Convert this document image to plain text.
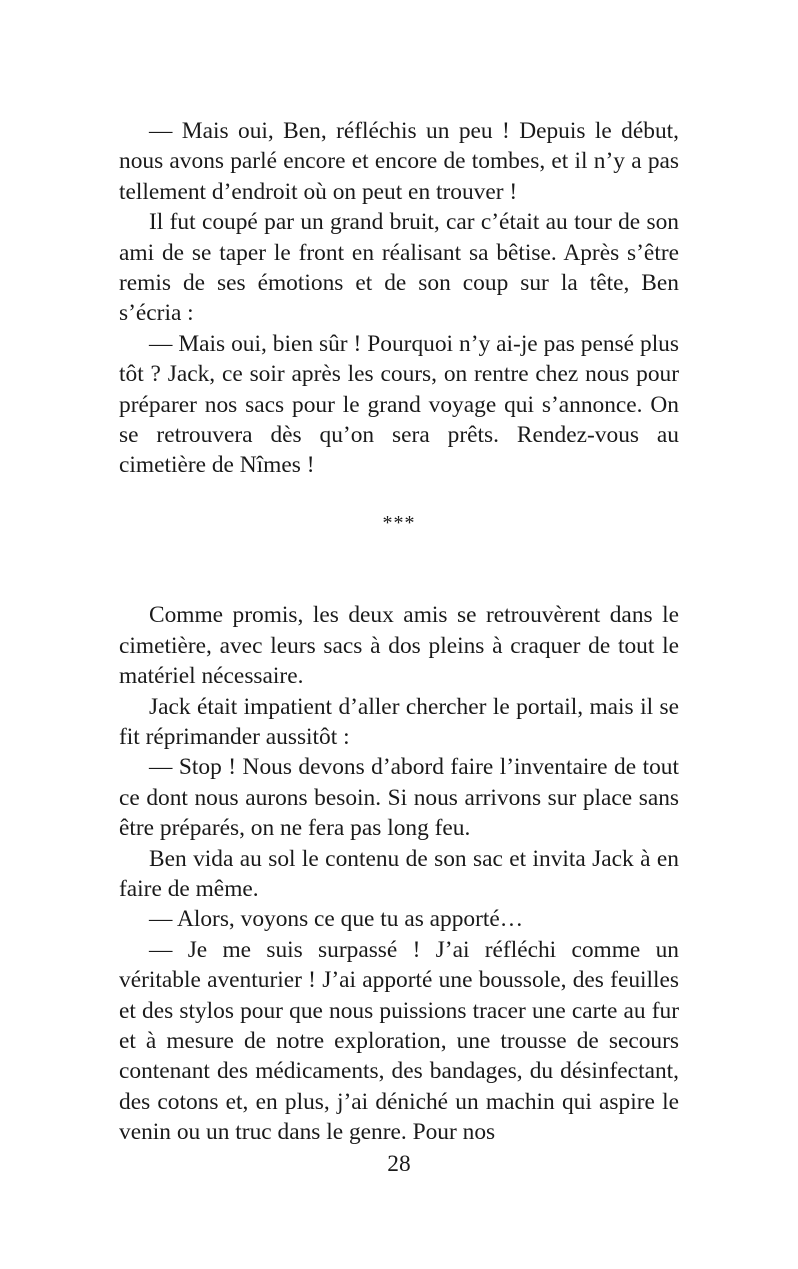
— Mais oui, Ben, réfléchis un peu ! Depuis le début, nous avons parlé encore et encore de tombes, et il n’y a pas tellement d’endroit où on peut en trouver !

Il fut coupé par un grand bruit, car c’était au tour de son ami de se taper le front en réalisant sa bêtise. Après s’être remis de ses émotions et de son coup sur la tête, Ben s’écria :

— Mais oui, bien sûr ! Pourquoi n’y ai-je pas pensé plus tôt ? Jack, ce soir après les cours, on rentre chez nous pour préparer nos sacs pour le grand voyage qui s’annonce. On se retrouvera dès qu’on sera prêts. Rendez-vous au cimetière de Nîmes !

***

Comme promis, les deux amis se retrouvèrent dans le cimetière, avec leurs sacs à dos pleins à craquer de tout le matériel nécessaire.

Jack était impatient d’aller chercher le portail, mais il se fit réprimander aussitôt :

— Stop ! Nous devons d’abord faire l’inventaire de tout ce dont nous aurons besoin. Si nous arrivons sur place sans être préparés, on ne fera pas long feu.

Ben vida au sol le contenu de son sac et invita Jack à en faire de même.

— Alors, voyons ce que tu as apporté…

— Je me suis surpassé ! J’ai réfléchi comme un véritable aventurier ! J’ai apporté une boussole, des feuilles et des stylos pour que nous puissions tracer une carte au fur et à mesure de notre exploration, une trousse de secours contenant des médicaments, des bandages, du désinfectant, des cotons et, en plus, j’ai déniché un machin qui aspire le venin ou un truc dans le genre. Pour nos

28
